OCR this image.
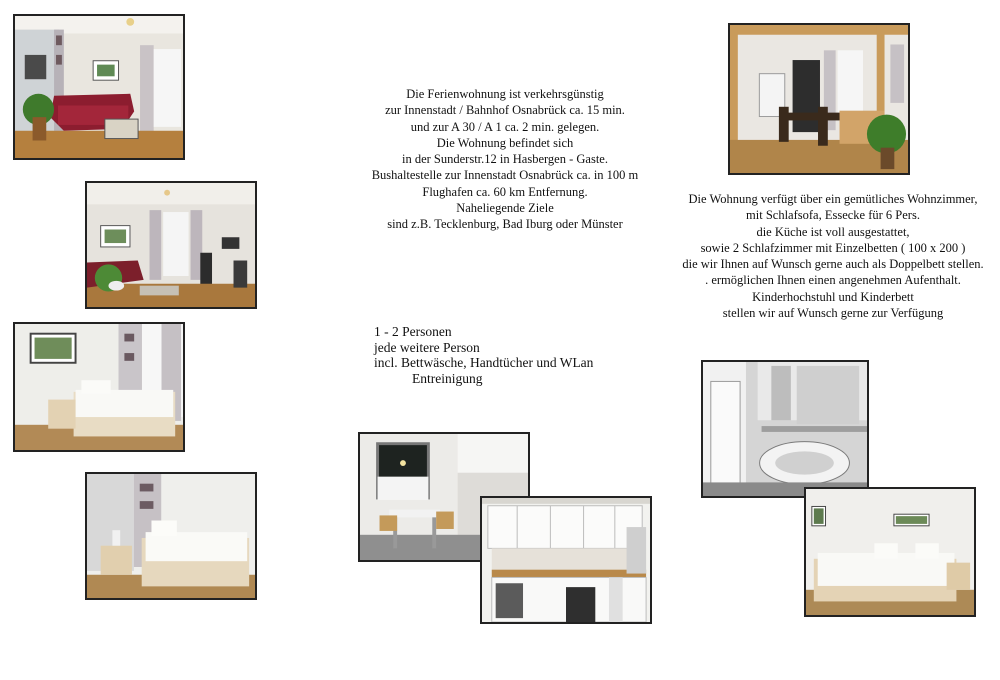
Die Ferienwohnung ist verkehrsgünstig
zur Innenstadt / Bahnhof Osnabrück ca. 15 min.
und zur A 30 / A 1 ca. 2 min. gelegen.
Die Wohnung befindet sich
in der Sunderstr.12 in Hasbergen - Gaste.
Bushaltestelle zur Innenstadt Osnabrück ca. in 100 m
Flughafen ca. 60 km Entfernung.
Naheliegende Ziele
sind z.B. Tecklenburg, Bad Iburg oder Münster
Die Wohnung verfügt über ein gemütliches Wohnzimmer,
mit Schlafsofa, Essecke für 6 Pers.
die Küche ist voll ausgestattet,
sowie 2 Schlafzimmer mit Einzelbetten ( 100 x 200 )
die wir Ihnen auf Wunsch gerne auch als Doppelbett stellen.
. ermöglichen Ihnen einen angenehmen Aufenthalt.
Kinderhochstuhl und Kinderbett
stellen wir auf Wunsch gerne zur Verfügung
1 - 2 Personen
jede weitere Person
incl. Bettwäsche, Handtücher und WLan
Entreinigung
